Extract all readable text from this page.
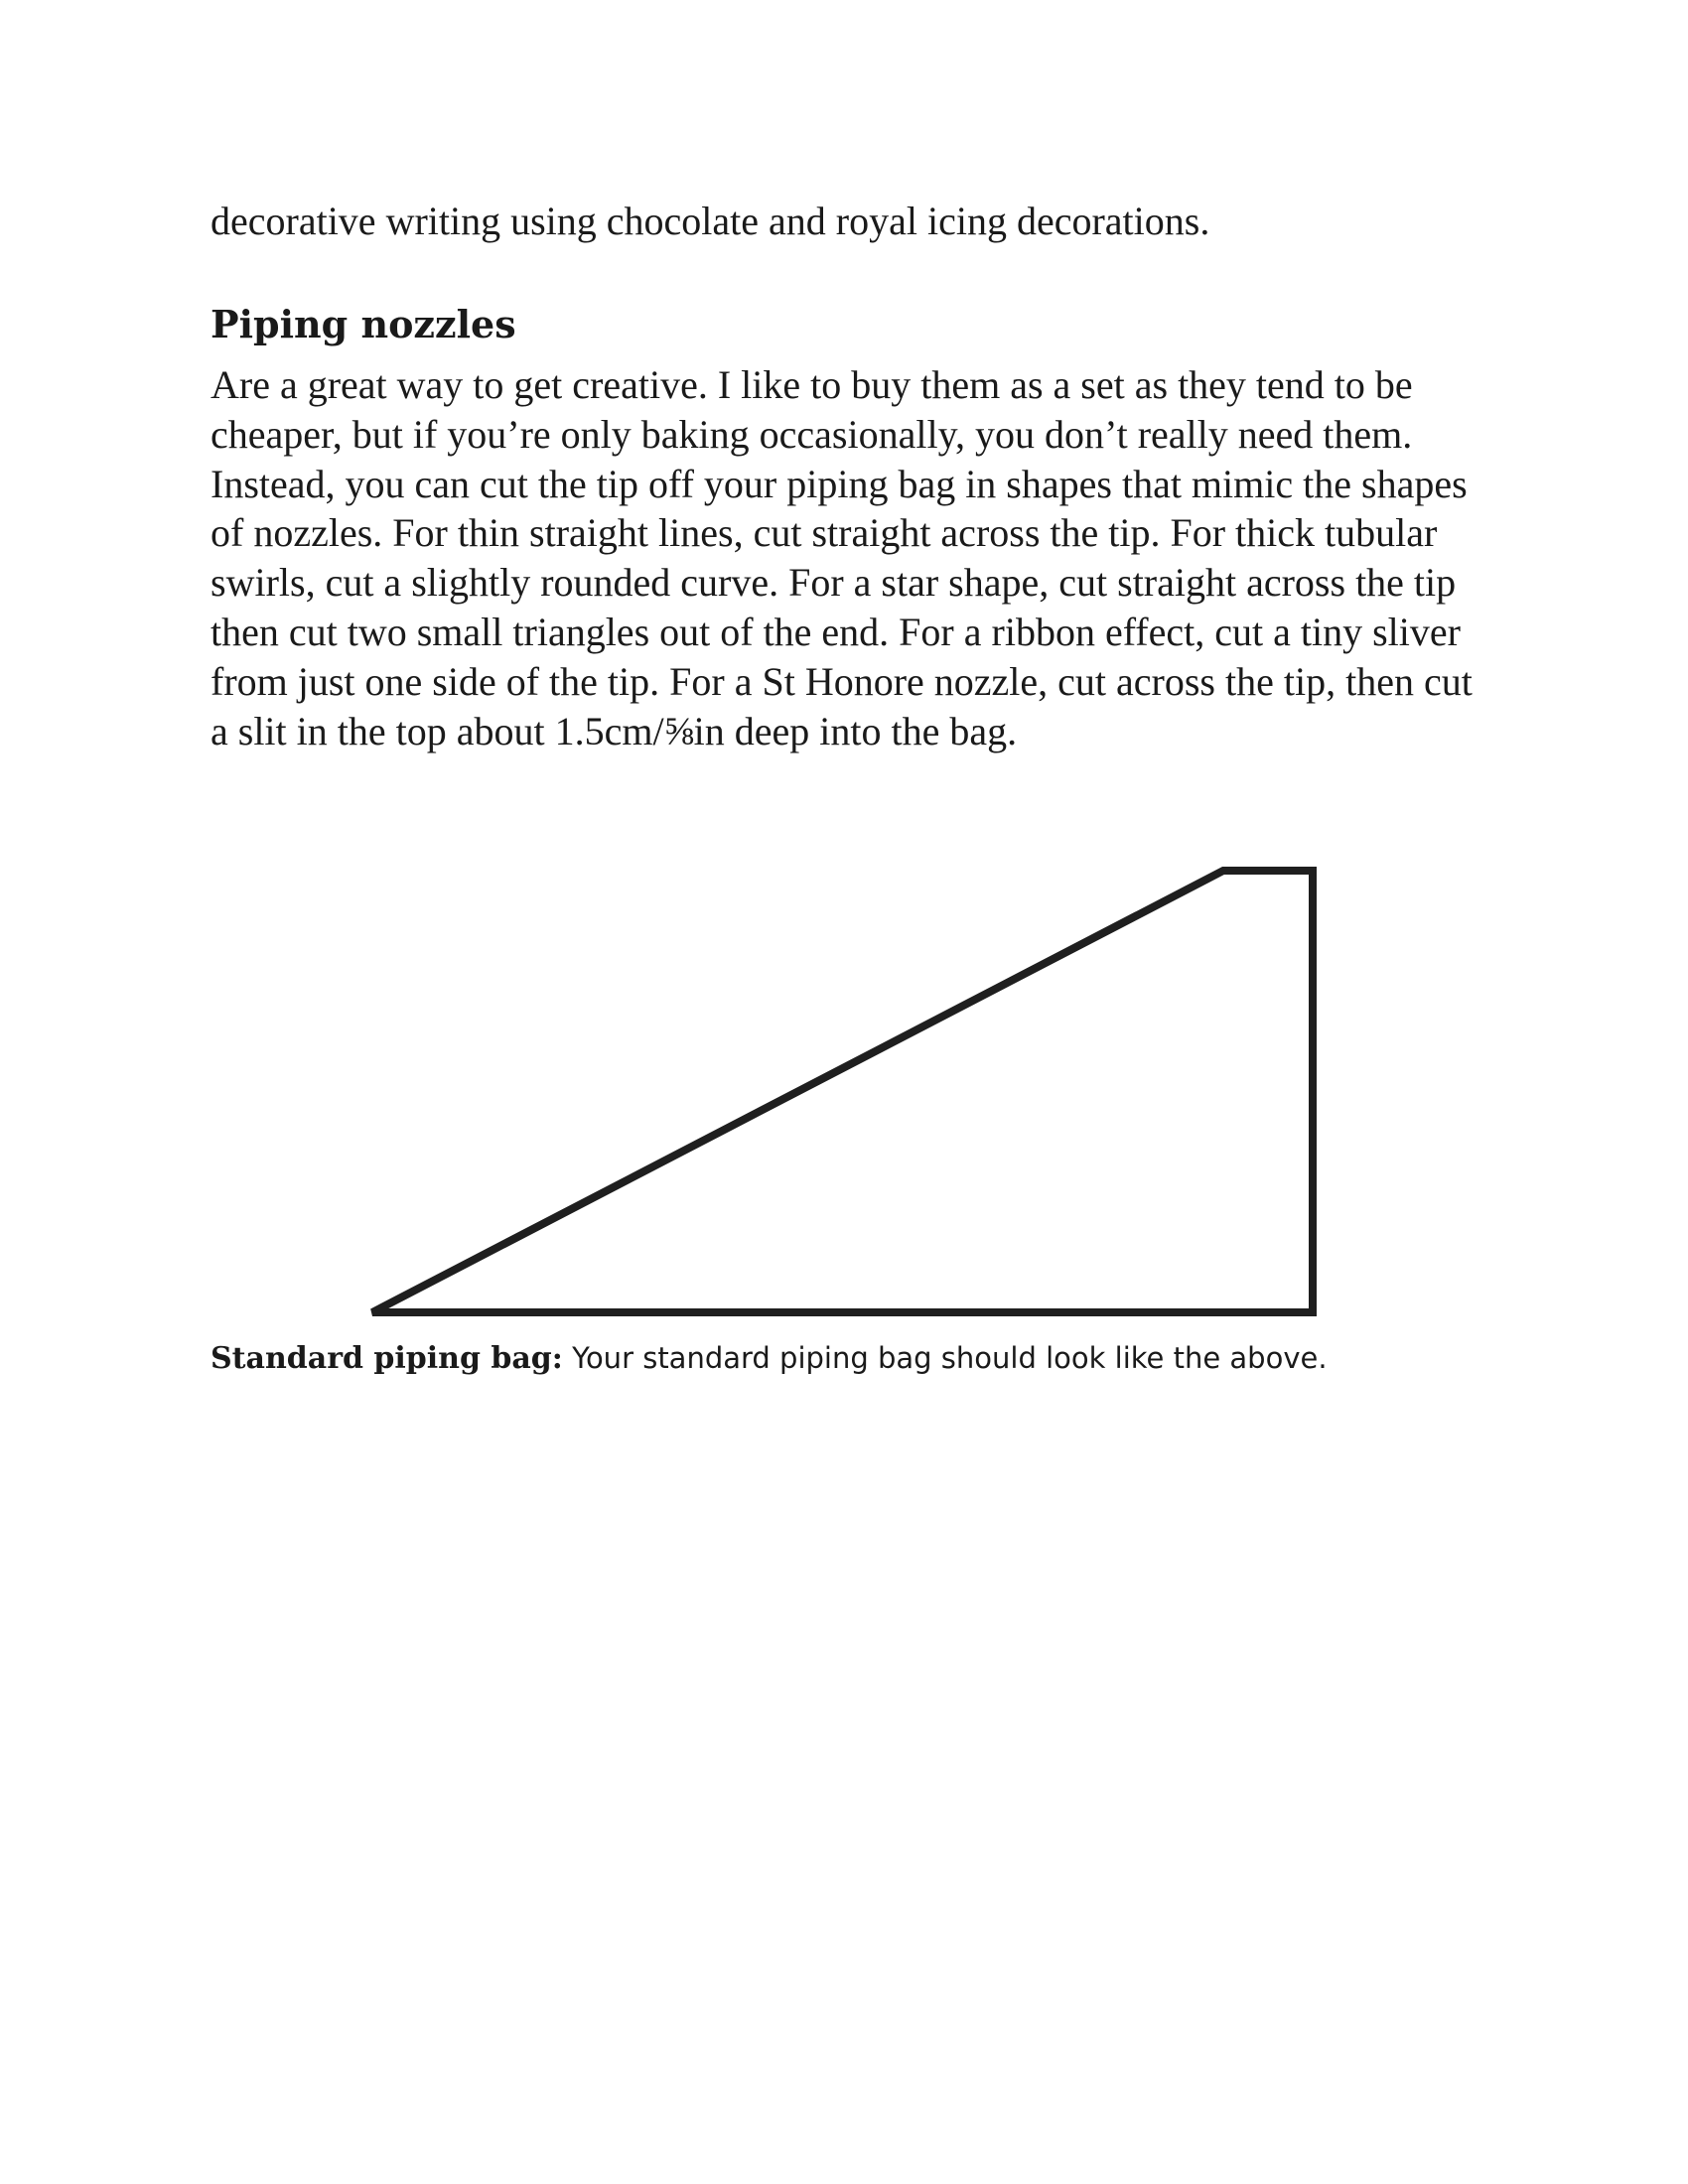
decorative writing using chocolate and royal icing decorations.

Piping nozzles

Are a great way to get creative. I like to buy them as a set as they tend to be cheaper, but if you’re only baking occasionally, you don’t really need them. Instead, you can cut the tip off your piping bag in shapes that mimic the shapes of nozzles. For thin straight lines, cut straight across the tip. For thick tubular swirls, cut a slightly rounded curve. For a star shape, cut straight across the tip then cut two small triangles out of the end. For a ribbon effect, cut a tiny sliver from just one side of the tip. For a St Honore nozzle, cut across the tip, then cut a slit in the top about 1.5cm/⅝in deep into the bag.

Standard piping bag: Your standard piping bag should look like the above.
